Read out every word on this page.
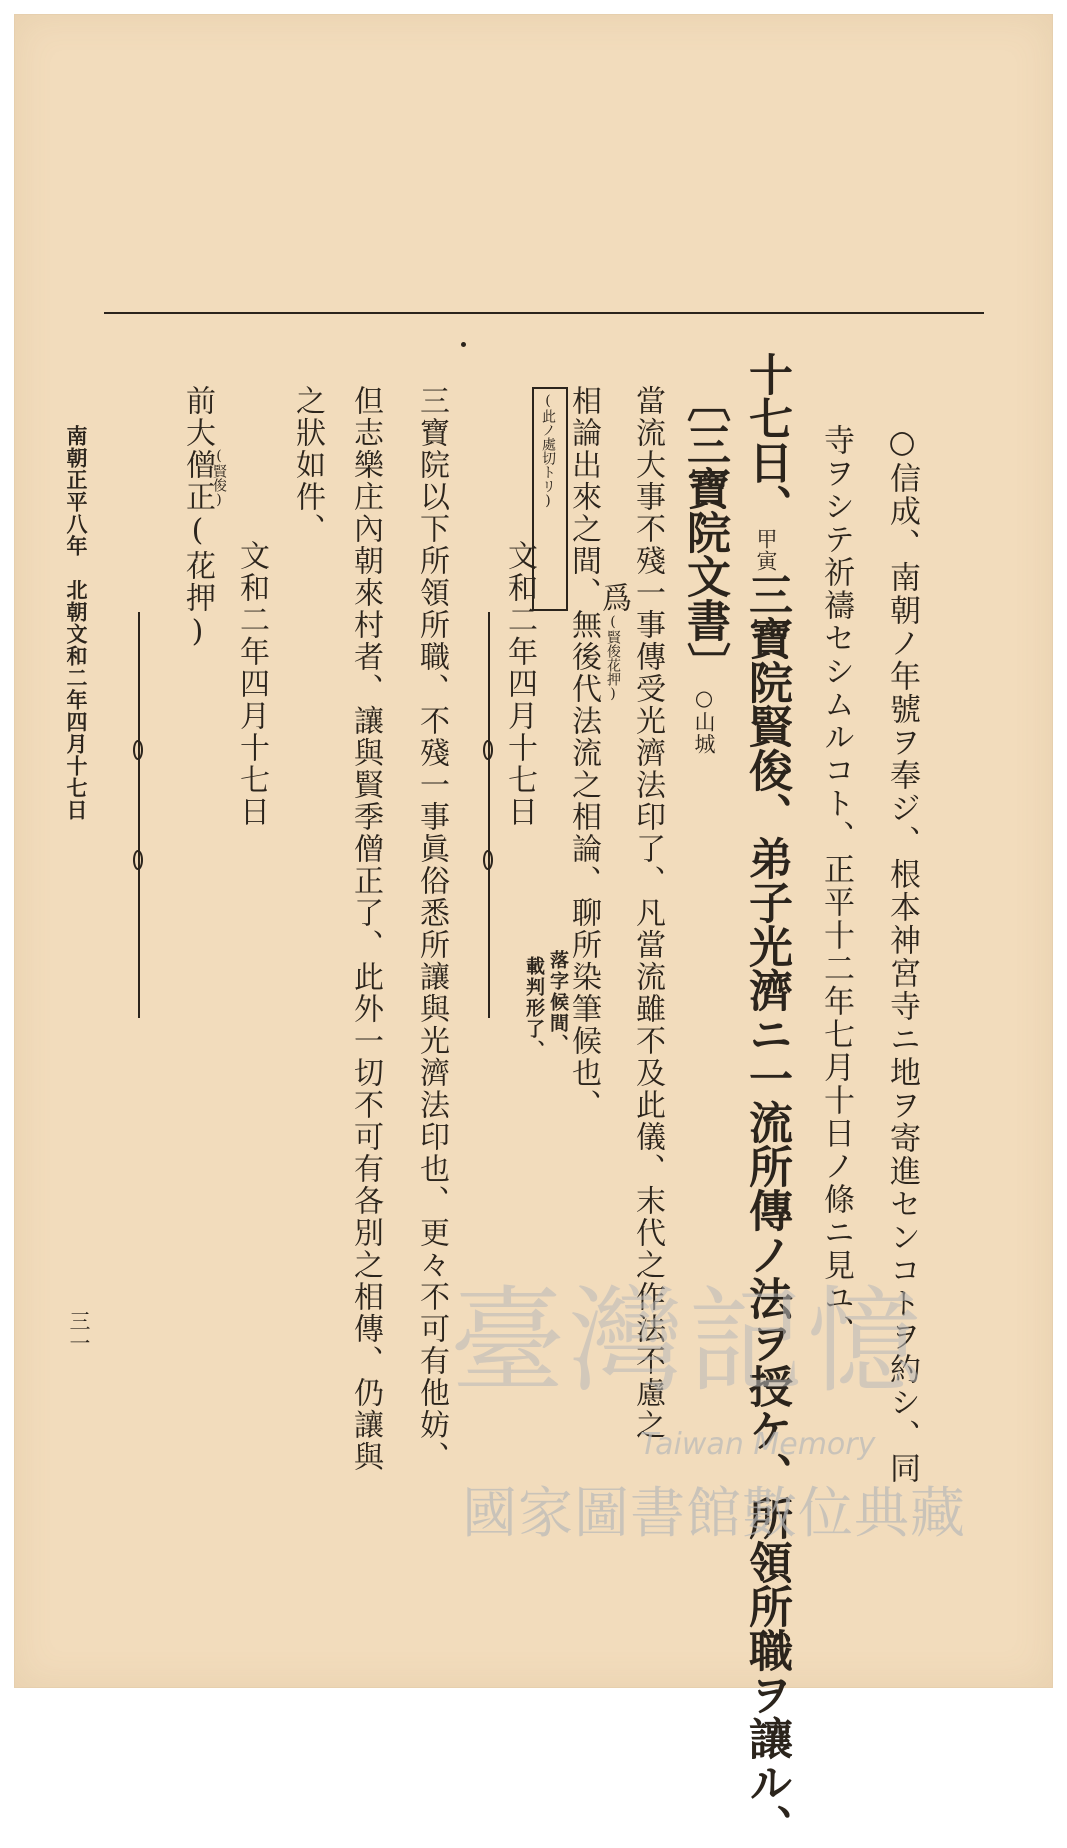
○信成、南朝ノ年號ヲ奉ジ、根本神宮寺ニ地ヲ寄進センコトヲ約シ、同
寺ヲシテ祈禱セシムルコト、正平十二年七月十日ノ條ニ見ユ、
十七日、甲寅三寶院賢俊、弟子光濟ニ一流所傳ノ法ヲ授ケ、所領所職ヲ讓ル、
〔三寶院文書〕○山城
當流大事不殘一事傳受光濟法印了、凡當流雖不及此儀、末代之作法不慮之
相論出來之間、無後代法流之相論、聊所染筆候也、
爲(賢俊花押)
文和二年四月十七日
(此ノ處切トリ)
落字候間、
載判形了、
三寶院以下所領所職、不殘一事眞俗悉所讓與光濟法印也、更々不可有他妨、
但志樂庄內朝來村者、讓與賢季僧正了、此外一切不可有各別之相傳、仍讓與
之狀如件、
文和二年四月十七日
前大僧正(花押)
(賢俊)
南朝正平八年　北朝文和二年四月十七日
三一	臺灣記憶
Taiwan Memory
國家圖書館數位典藏
